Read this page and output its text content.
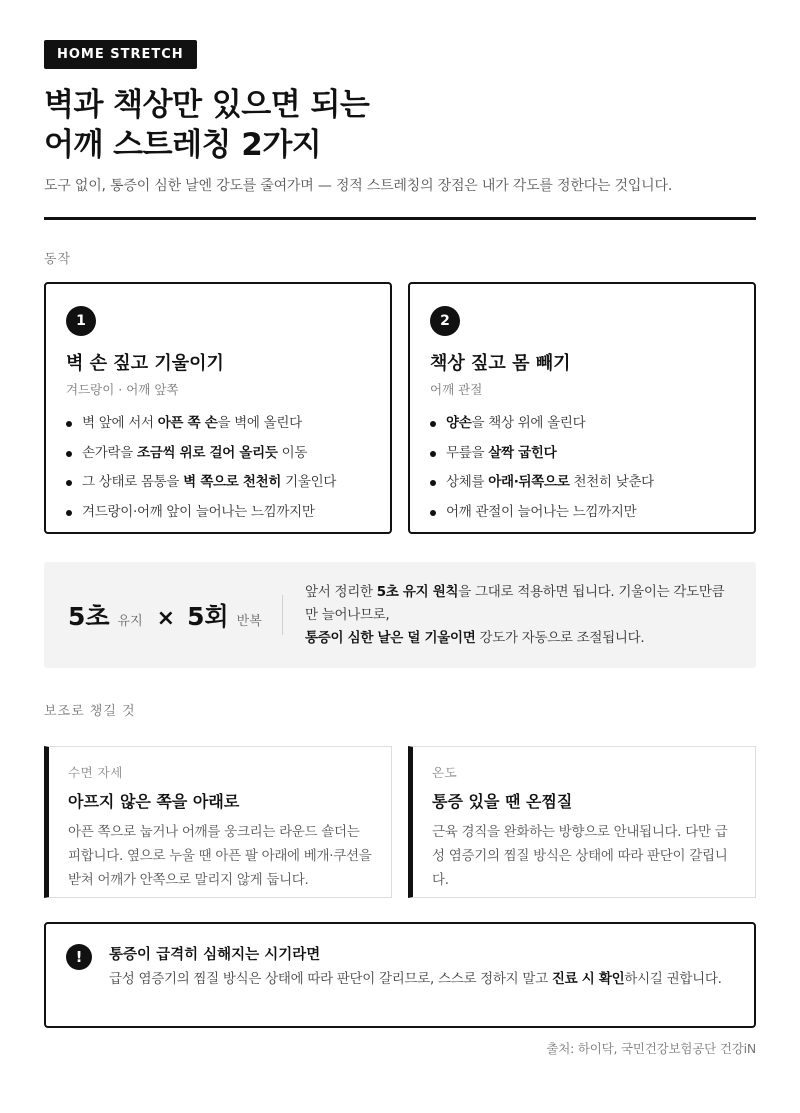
HOME STRETCH
벽과 책상만 있으면 되는
어깨 스트레칭 2가지

도구 없이, 통증이 심한 날엔 강도를 줄여가며 — 정적 스트레칭의 장점은 내가 각도를 정한다는 것입니다.

동작
1
벽 손 짚고 기울이기
겨드랑이 · 어깨 앞쪽
벽 앞에 서서 아픈 쪽 손을 벽에 올린다
손가락을 조금씩 위로 걸어 올리듯 이동
그 상태로 몸통을 벽 쪽으로 천천히 기울인다
겨드랑이·어깨 앞이 늘어나는 느낌까지만
2
책상 짚고 몸 빼기
어깨 관절
양손을 책상 위에 올린다
무릎을 살짝 굽힌다
상체를 아래·뒤쪽으로 천천히 낮춘다
어깨 관절이 늘어나는 느낌까지만
5초 유지 × 5회 반복
앞서 정리한 5초 유지 원칙을 그대로 적용하면 됩니다. 기울이는 각도만큼만 늘어나므로,
통증이 심한 날은 덜 기울이면 강도가 자동으로 조절됩니다.
보조로 챙길 것
수면 자세
아프지 않은 쪽을 아래로
아픈 쪽으로 눕거나 어깨를 웅크리는 라운드 숄더는 피합니다. 옆으로 누울 땐 아픈 팔 아래에 베개·쿠션을 받쳐 어깨가 안쪽으로 말리지 않게 둡니다.
온도
통증 있을 땐 온찜질
근육 경직을 완화하는 방향으로 안내됩니다. 다만 급성 염증기의 찜질 방식은 상태에 따라 판단이 갈립니다.
!	통증이 급격히 심해지는 시기라면
급성 염증기의 찜질 방식은 상태에 따라 판단이 갈리므로, 스스로 정하지 말고 진료 시 확인하시길 권합니다.
출처: 하이닥, 국민건강보험공단 건강iN
